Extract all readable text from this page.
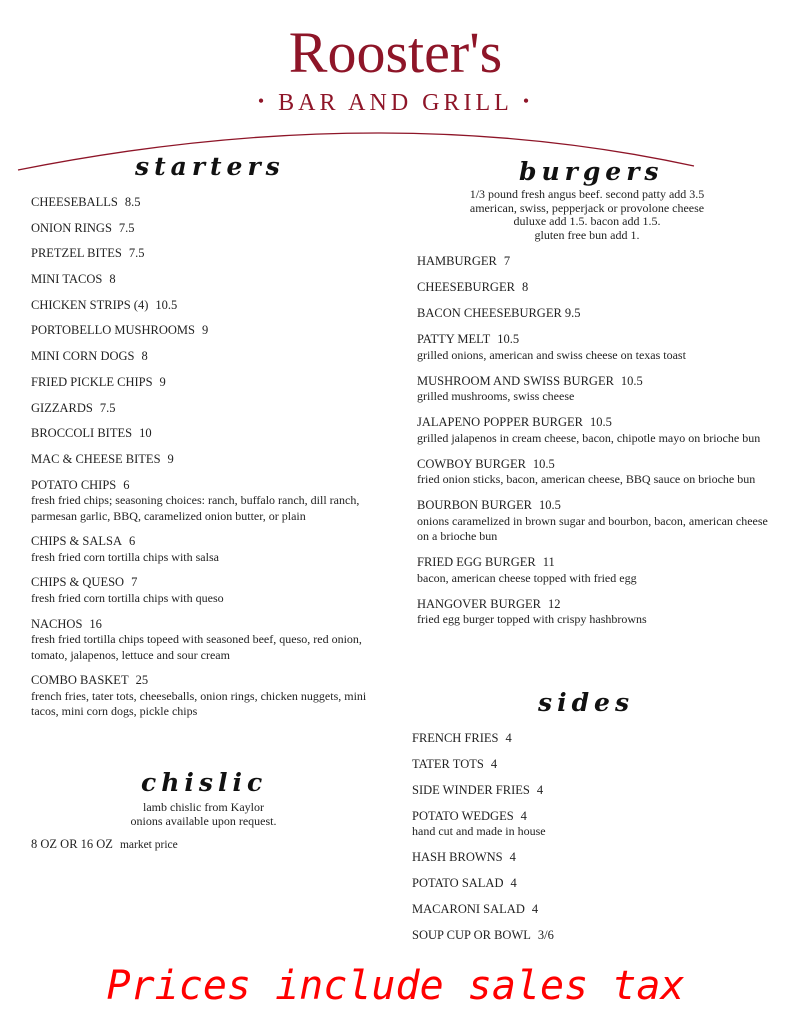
Rooster's
• BAR AND GRILL •
starters
CHEESEBALLS 8.5
ONION RINGS 7.5
PRETZEL BITES 7.5
MINI TACOS 8
CHICKEN STRIPS (4) 10.5
PORTOBELLO MUSHROOMS 9
MINI CORN DOGS 8
FRIED PICKLE CHIPS 9
GIZZARDS 7.5
BROCCOLI BITES 10
MAC & CHEESE BITES 9
POTATO CHIPS 6
fresh fried chips; seasoning choices: ranch, buffalo ranch, dill ranch, parmesan garlic, BBQ, caramelized onion butter, or plain
CHIPS & SALSA 6
fresh fried corn tortilla chips with salsa
CHIPS & QUESO 7
fresh fried corn tortilla chips with queso
NACHOS 16
fresh fried tortilla chips topeed with seasoned beef, queso, red onion, tomato, jalapenos, lettuce and sour cream
COMBO BASKET 25
french fries, tater tots, cheeseballs, onion rings, chicken nuggets, mini tacos, mini corn dogs, pickle chips
chislic
lamb chislic from Kaylor
onions available upon request.
8 OZ OR 16 OZ market price
burgers
1/3 pound fresh angus beef. second patty add 3.5
american, swiss, pepperjack or provolone cheese
duluxe add 1.5. bacon add 1.5.
gluten free bun add 1.
HAMBURGER 7
CHEESEBURGER 8
BACON CHEESEBURGER 9.5
PATTY MELT 10.5
grilled onions, american and swiss cheese on texas toast
MUSHROOM AND SWISS BURGER 10.5
grilled mushrooms, swiss cheese
JALAPENO POPPER BURGER 10.5
grilled jalapenos in cream cheese, bacon, chipotle mayo on brioche bun
COWBOY BURGER 10.5
fried onion sticks, bacon, american cheese, BBQ sauce on brioche bun
BOURBON BURGER 10.5
onions caramelized in brown sugar and bourbon, bacon, american cheese on a brioche bun
FRIED EGG BURGER 11
bacon, american cheese topped with fried egg
HANGOVER BURGER 12
fried egg burger topped with crispy hashbrowns
sides
FRENCH FRIES 4
TATER TOTS 4
SIDE WINDER FRIES 4
POTATO WEDGES 4
hand cut and made in house
HASH BROWNS 4
POTATO SALAD 4
MACARONI SALAD 4
SOUP CUP OR BOWL 3/6
Prices include sales tax
